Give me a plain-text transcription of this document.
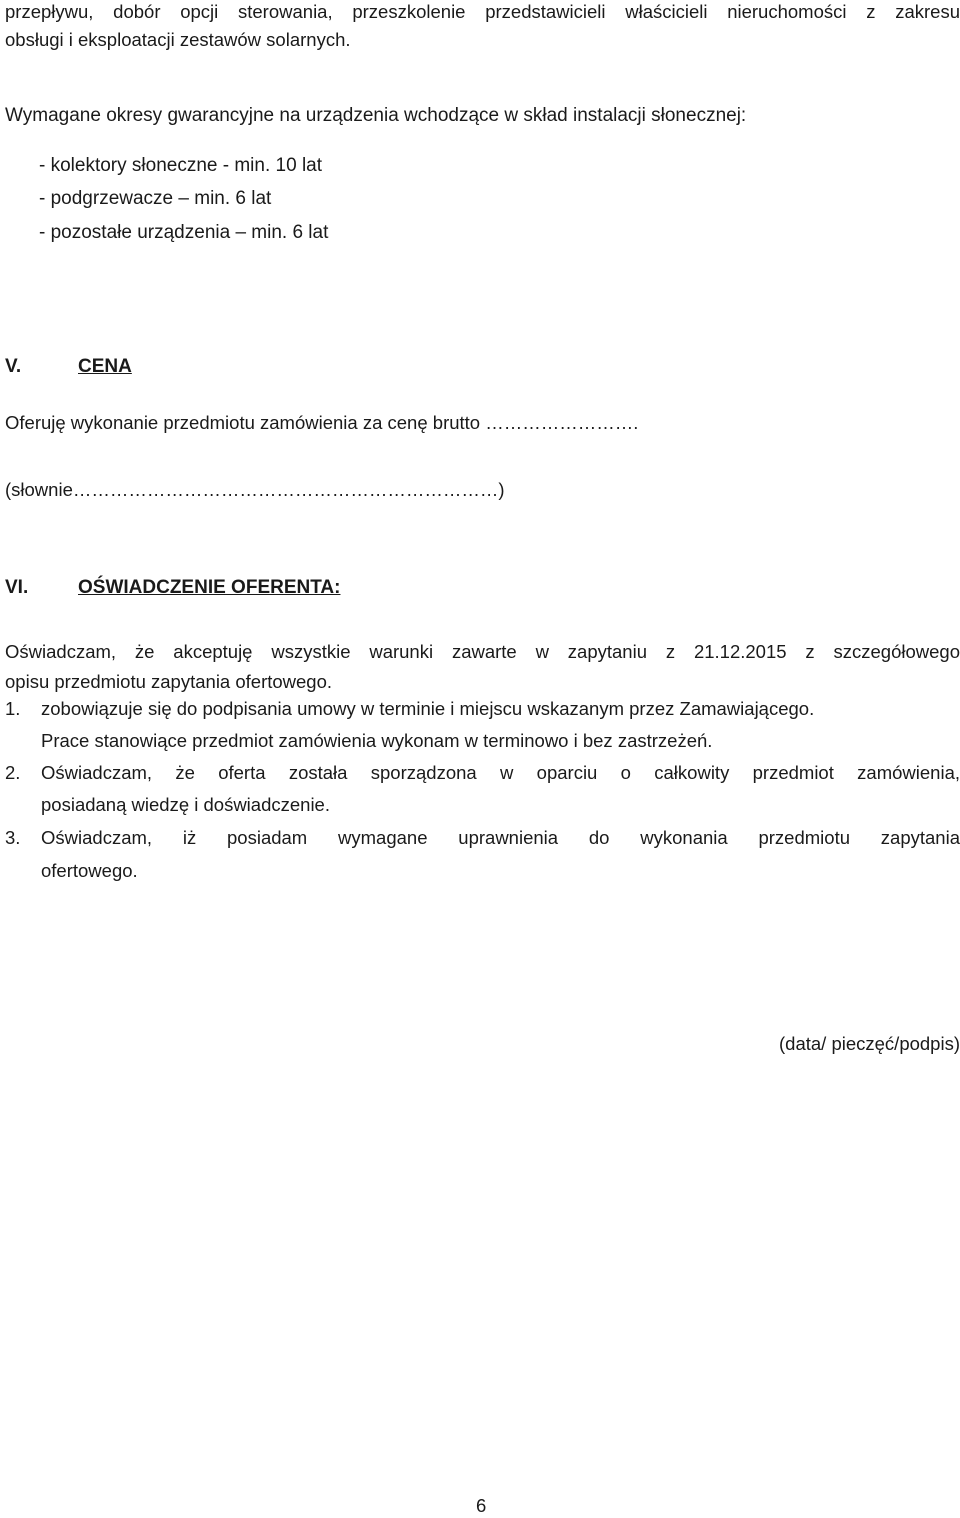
przepływu, dobór opcji sterowania, przeszkolenie przedstawicieli właścicieli nieruchomości z zakresu

obsługi i eksploatacji zestawów solarnych.

Wymagane okresy gwarancyjne na urządzenia wchodzące w skład instalacji słonecznej:

- kolektory słoneczne - min. 10 lat

- podgrzewacze – min. 6 lat

- pozostałe urządzenia – min. 6 lat

V.	CENA

Oferuję wykonanie przedmiotu zamówienia za cenę brutto …………………….

(słownie……………………………………………………………)

VI.	OŚWIADCZENIE OFERENTA:

Oświadczam, że akceptuję wszystkie warunki zawarte w zapytaniu z 21.12.2015 z szczegółowego

opisu przedmiotu zapytania ofertowego.

1. zobowiązuje się do podpisania umowy w terminie i miejscu wskazanym przez Zamawiającego.

Prace stanowiące przedmiot zamówienia wykonam w terminowo i bez zastrzeżeń.

2. Oświadczam, że oferta została sporządzona w oparciu o całkowity przedmiot zamówienia,

posiadaną wiedzę i doświadczenie.

3. Oświadczam, iż posiadam wymagane uprawnienia do wykonania przedmiotu zapytania

ofertowego.

(data/ pieczęć/podpis)

6
